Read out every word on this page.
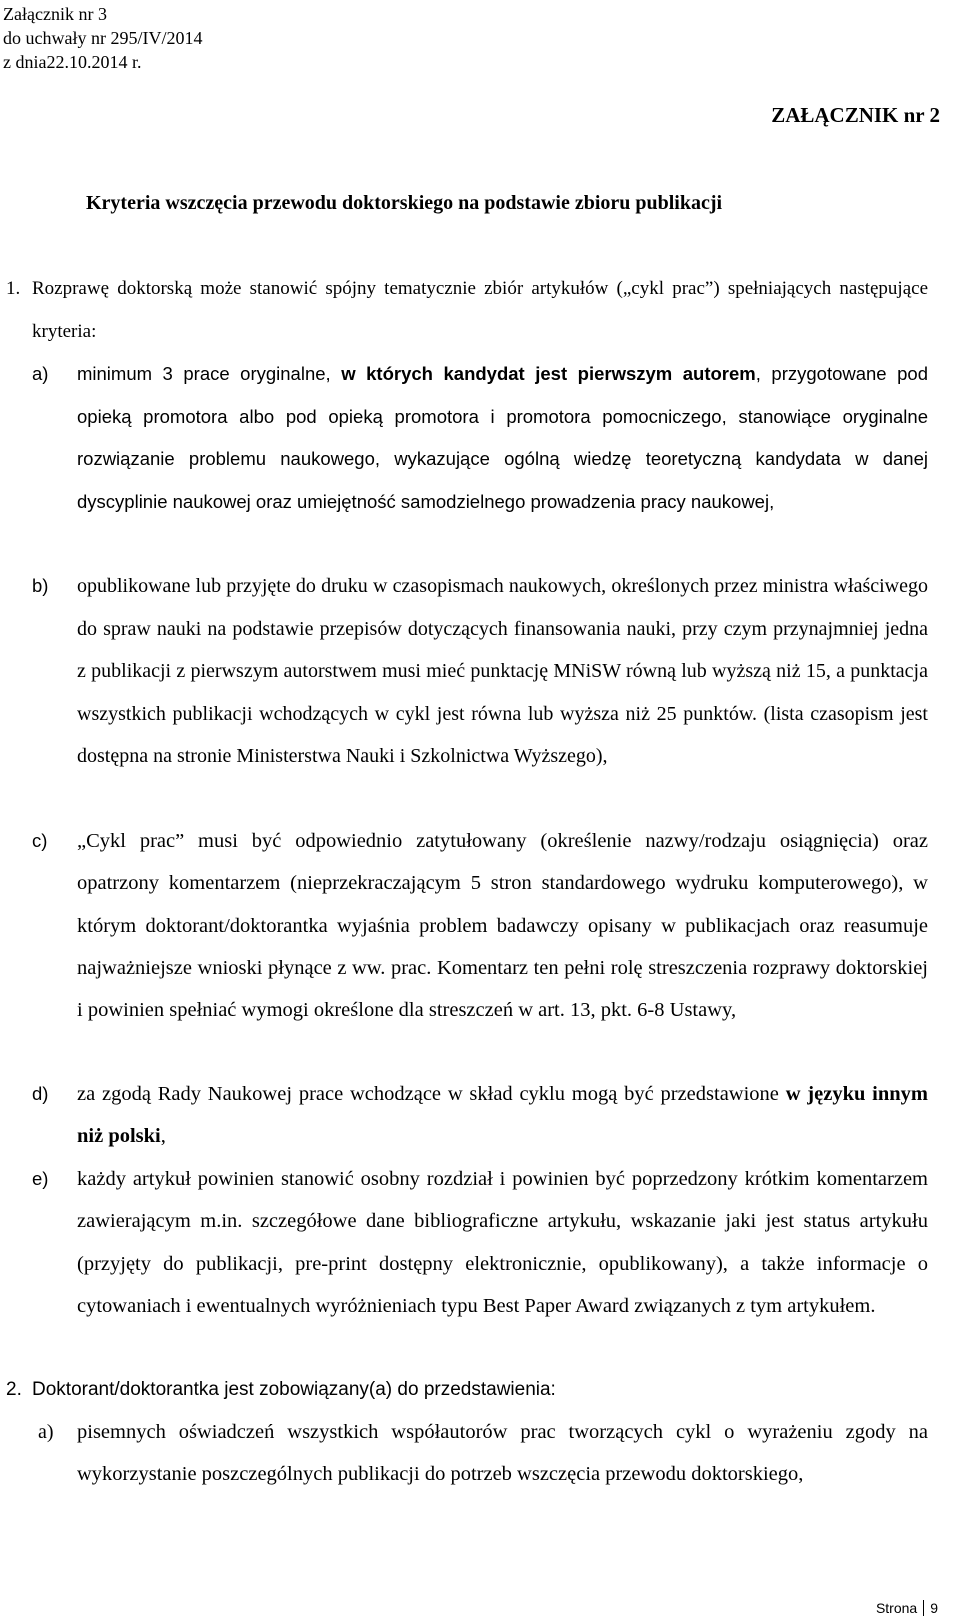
Załącznik nr 3
do uchwały nr 295/IV/2014
z dnia22.10.2014 r.
ZAŁĄCZNIK nr 2
Kryteria wszczęcia przewodu doktorskiego na podstawie zbioru publikacji
1. Rozprawę doktorską może stanowić spójny tematycznie zbiór artykułów („cykl prac”) spełniających następujące kryteria:
a) minimum 3 prace oryginalne, w których kandydat jest pierwszym autorem, przygotowane pod opieką promotora albo pod opieką promotora i promotora pomocniczego, stanowiące oryginalne rozwiązanie problemu naukowego, wykazujące ogólną wiedzę teoretyczną kandydata w danej dyscyplinie naukowej oraz umiejętność samodzielnego prowadzenia pracy naukowej,
b) opublikowane lub przyjęte do druku w czasopismach naukowych, określonych przez ministra właściwego do spraw nauki na podstawie przepisów dotyczących finansowania nauki, przy czym przynajmniej jedna z publikacji z pierwszym autorstwem musi mieć punktację MNiSW równą lub wyższą niż 15, a punktacja wszystkich publikacji wchodzących w cykl jest równa lub wyższa niż 25 punktów. (lista czasopism jest dostępna na stronie Ministerstwa Nauki i Szkolnictwa Wyższego),
c) „Cykl prac” musi być odpowiednio zatytułowany (określenie nazwy/rodzaju osiągnięcia) oraz opatrzony komentarzem (nieprzekraczającym 5 stron standardowego wydruku komputerowego), w którym doktorant/doktorantka wyjaśnia problem badawczy opisany w publikacjach oraz reasumuje najważniejsze wnioski płynące z ww. prac. Komentarz ten pełni rolę streszczenia rozprawy doktorskiej i powinien spełniać wymogi określone dla streszczeń w art. 13, pkt. 6-8 Ustawy,
d) za zgodą Rady Naukowej prace wchodzące w skład cyklu mogą być przedstawione w języku innym niż polski,
e) każdy artykuł powinien stanowić osobny rozdział i powinien być poprzedzony krótkim komentarzem zawierającym m.in. szczegółowe dane bibliograficzne artykułu, wskazanie jaki jest status artykułu (przyjęty do publikacji, pre-print dostępny elektronicznie, opublikowany), a także informacje o cytowaniach i ewentualnych wyróżnieniach typu Best Paper Award związanych z tym artykułem.
2. Doktorant/doktorantka jest zobowiązany(a) do przedstawienia:
a) pisemnych oświadczeń wszystkich współautorów prac tworzących cykl o wyrażeniu zgody na wykorzystanie poszczególnych publikacji do potrzeb wszczęcia przewodu doktorskiego,
Strona 9
